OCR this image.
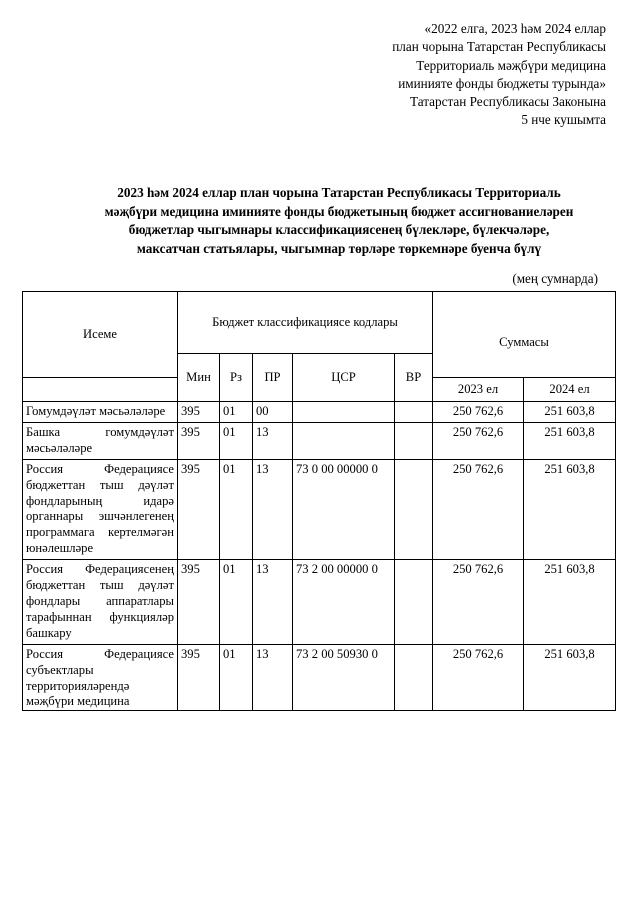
«2022 елга, 2023 һәм 2024 еллар
план чорына Татарстан Республикасы
Территориаль мәҗбүри медицина
иминияте фонды бюджеты турында»
Татарстан Республикасы Законына
5 нче кушымта
2023 һәм 2024 еллар план чорына Татарстан Республикасы Территориаль
мәҗбүри медицина иминияте фонды бюджетының бюджет ассигнованиеләрен
бюджетлар чыгымнары классификациясенең бүлекләре, бүлекчәләре,
максатчан статьялары, чыгымнар төрләре төркемнәре буенча бүлү
(мең сумнарда)
Исеме	Бюджет классификациясе кодлары					Суммасы	
	Мин	Рз	ПР	ЦСР	ВР		
						2023 ел	2024 ел
Гомумдәүләт мәсьәләләре	395	01	00			250 762,6	251 603,8
Башка гомумдәүләт мәсьәләләре	395	01	13			250 762,6	251 603,8
Россия Федерациясе бюджеттан тыш дәүләт фондларының идарә органнары эшчәнлегенең программага кертелмәгән юнәлешләре	395	01	13	73 0 00 00000 0		250 762,6	251 603,8
Россия Федерациясенең бюджеттан тыш дәүләт фондлары аппаратлары тарафыннан функцияләр башкару	395	01	13	73 2 00 00000 0		250 762,6	251 603,8

Россия Федерациясе субъектлары территорияләрендә мәҗбүри медицина	395	01	13	73 2 00 50930 0		250 762,6	251 603,8
